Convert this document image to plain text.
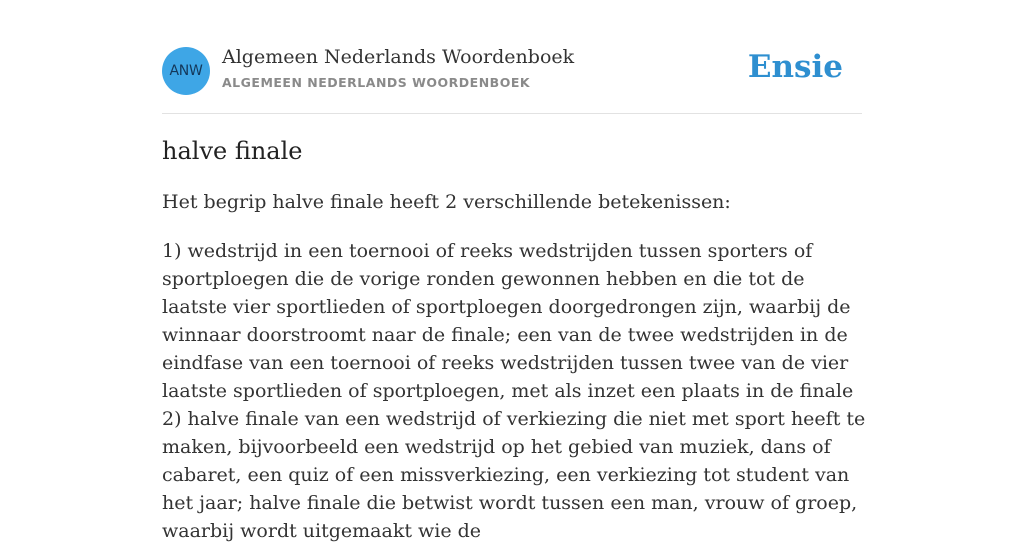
ANW
Algemeen Nederlands Woordenboek
ALGEMEEN NEDERLANDS WOORDENBOEK	Ensie
halve finale

Het begrip halve finale heeft 2 verschillende betekenissen:

1) wedstrijd in een toernooi of reeks wedstrijden tussen sporters of sportploegen die de vorige ronden gewonnen hebben en die tot de laatste vier sportlieden of sportploegen doorgedrongen zijn, waarbij de winnaar doorstroomt naar de finale; een van de twee wedstrijden in de eindfase van een toernooi of reeks wedstrijden tussen twee van de vier laatste sportlieden of sportploegen, met als inzet een plaats in de finale

2) halve finale van een wedstrijd of verkiezing die niet met sport heeft te maken, bijvoorbeeld een wedstrijd op het gebied van muziek, dans of cabaret, een quiz of een missverkiezing, een verkiezing tot student van het jaar; halve finale die betwist wordt tussen een man, vrouw of groep, waarbij wordt uitgemaakt wie de
